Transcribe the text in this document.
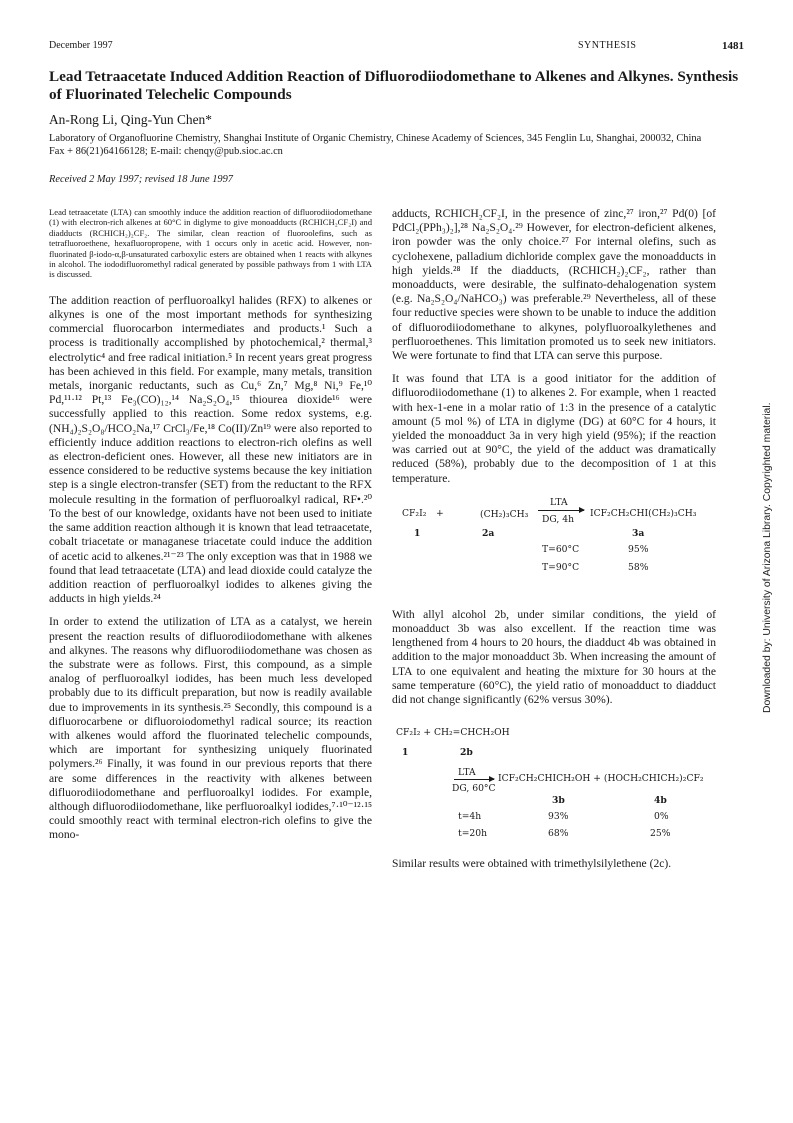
December 1997	SYNTHESIS	1481
Lead Tetraacetate Induced Addition Reaction of Difluorodiiodomethane to Alkenes and Alkynes. Synthesis of Fluorinated Telechelic Compounds
An-Rong Li, Qing-Yun Chen*
Laboratory of Organofluorine Chemistry, Shanghai Institute of Organic Chemistry, Chinese Academy of Sciences, 345 Fenglin Lu, Shanghai, 200032, China
Fax + 86(21)64166128; E-mail: chenqy@pub.sioc.ac.cn
Received 2 May 1997; revised 18 June 1997

Lead tetraacetate (LTA) can smoothly induce the addition reaction of difluorodiiodomethane (1) with electron-rich alkenes at 60°C in diglyme to give monoadducts (RCHICH₂CF₂I) and diadducts (RCHICH₂)₂CF₂. The similar, clean reaction of fluoroolefins, such as tetrafluoroethene, hexafluoropropene, with 1 occurs only in acetic acid. However, non-fluorinated β-iodo-α,β-unsaturated carboxylic esters are obtained when 1 reacts with alkynes in alcohol. The iododifluoromethyl radical generated by possible pathways from 1 with LTA is discussed.

The addition reaction of perfluoroalkyl halides (RFX) to alkenes or alkynes is one of the most important methods for synthesizing commercial fluorocarbon intermediates and products.¹ Such a process is traditionally accomplished by photochemical,² thermal,³ electrolytic⁴ and free radical initiation.⁵ In recent years great progress has been achieved in this field. For example, many metals, transition metals, inorganic reductants, such as Cu,⁶ Zn,⁷ Mg,⁸ Ni,⁹ Fe,¹⁰ Pd,¹¹·¹² Pt,¹³ Fe₃(CO)₁₂,¹⁴ Na₂S₂O₄,¹⁵ thiourea dioxide¹⁶ were successfully applied to this reaction. Some redox systems, e.g. (NH₄)₂S₂O₈/HCO₂Na,¹⁷ CrCl₃/Fe,¹⁸ Co(II)/Zn¹⁹ were also reported to efficiently induce addition reactions to electron-rich olefins as well as electron-deficient ones. However, all these new initiators are in essence considered to be reductive systems because the key initiation step is a single electron-transfer (SET) from the reductant to the RFX molecule resulting in the formation of perfluoroalkyl radical, RF•.²⁰ To the best of our knowledge, oxidants have not been used to initiate the same addition reaction although it is known that lead tetraacetate, cobalt triacetate or managanese triacetate could induce the addition of acetic acid to alkenes.²¹⁻²³ The only exception was that in 1988 we found that lead tetraacetate (LTA) and lead dioxide could catalyze the addition reaction of perfluoroalkyl iodides to alkenes giving the adducts in high yields.²⁴

In order to extend the utilization of LTA as a catalyst, we herein present the reaction results of difluorodiiodomethane with alkenes and alkynes. The reasons why difluorodiiodomethane was chosen as the substrate were as follows. First, this compound, as a simple analog of perfluoroalkyl iodides, has been much less developed probably due to its difficult preparation, but now is readily available due to improvements in its synthesis.²⁵ Secondly, this compound is a difluorocarbene or difluoroiodomethyl radical source; its reaction with alkenes would afford the fluorinated telechelic compounds, which are important for synthesizing uniquely fluorinated polymers.²⁶ Finally, it was found in our previous reports that there are some differences in the reactivity with alkenes between difluorodiiodomethane and perfluoroalkyl iodides. For example, although difluorodiiodomethane, like perfluoroalkyl iodides,⁷·¹⁰⁻¹²·¹⁵ could smoothly react with terminal electron-rich olefins to give the mono-

adducts, RCHICH₂CF₂I, in the presence of zinc,²⁷ iron,²⁷ Pd(0) [of PdCl₂(PPh₃)₂],²⁸ Na₂S₂O₄.²⁹ However, for electron-deficient alkenes, iron powder was the only choice.²⁷ For internal olefins, such as cyclohexene, palladium dichloride complex gave the monoadducts in high yields.²⁸ If the diadducts, (RCHICH₂)₂CF₂, rather than monoadducts, were desirable, the sulfinato-dehalogenation system (e.g. Na₂S₂O₄/NaHCO₃) was preferable.²⁹ Nevertheless, all of these four reductive species were shown to be unable to induce the addition of difluorodiiodomethane to alkynes, polyfluoroalkylethenes and perfluoroethenes. This limitation promoted us to seek new initiators. We were fortunate to find that LTA can serve this purpose.

It was found that LTA is a good initiator for the addition of difluorodiiodomethane (1) to alkenes 2. For example, when 1 reacted with hex-1-ene in a molar ratio of 1:3 in the presence of a catalytic amount (5 mol %) of LTA in diglyme (DG) at 60°C for 4 hours, it yielded the monoadduct 3a in very high yield (95%); if the reaction was carried out at 90°C, the yield of the adduct was dramatically reduced (58%), probably due to the decomposition of 1 at this temperature.

CF₂I₂ +	(CH₂)₃CH₃
LTA
DG, 4h
ICF₂CH₂CHI(CH₂)₃CH₃
1	2a	3a
T=60°C	95%
T=90°C	58%

With allyl alcohol 2b, under similar conditions, the yield of monoadduct 3b was also excellent. If the reaction time was lengthened from 4 hours to 20 hours, the diadduct 4b was obtained in addition to the major monoadduct 3b. When increasing the amount of LTA to one equivalent and heating the mixture for 30 hours at the same temperature (60°C), the yield ratio of monoadduct to diadduct did not change significantly (62% versus 30%).

CF₂I₂ + CH₂=CHCH₂OH
1	2b
LTA
DG, 60°C
ICF₂CH₂CHICH₂OH + (HOCH₂CHICH₂)₂CF₂
3b	4b
t=4h	93%	0%
t=20h	68%	25%

Similar results were obtained with trimethylsilylethene (2c).

Downloaded by: University of Arizona Library. Copyrighted material.
